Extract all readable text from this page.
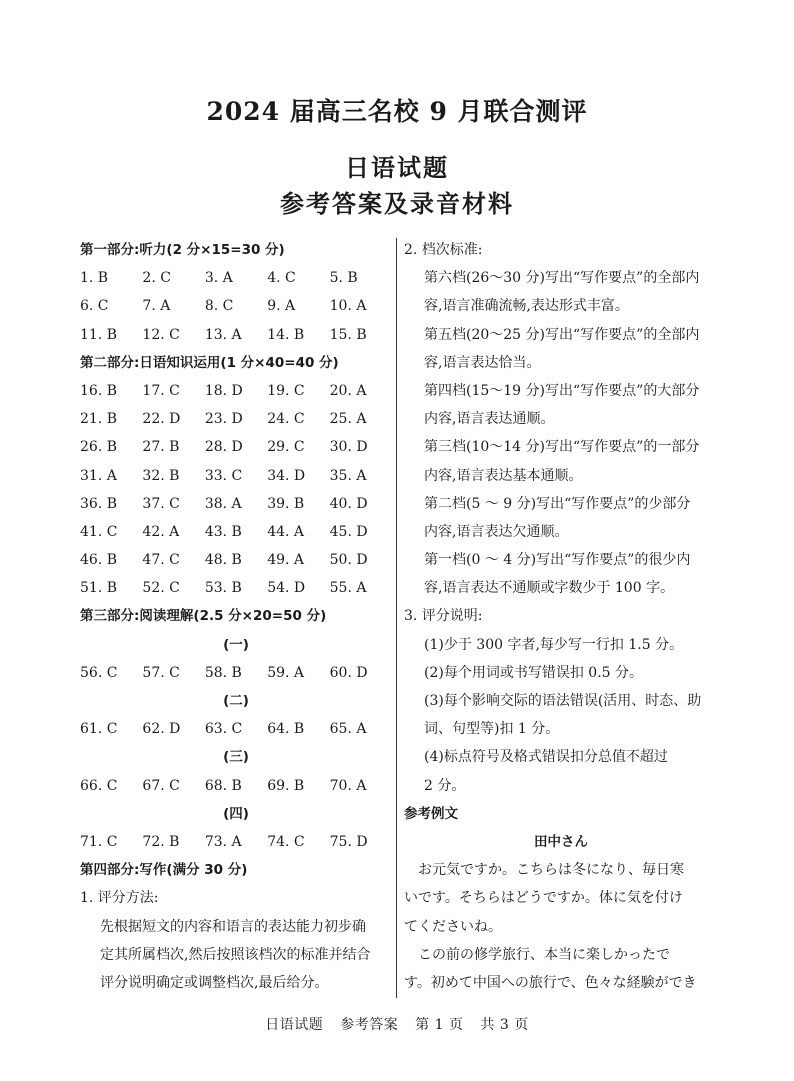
2024 届高三名校 9 月联合测评
日语试题
参考答案及录音材料
第一部分:听力(2 分×15=30 分)
1. B	2. C	3. A	4. C	5. B
6. C	7. A	8. C	9. A	10. A
11. B	12. C	13. A	14. B	15. B
第二部分:日语知识运用(1 分×40=40 分)
16. B	17. C	18. D	19. C	20. A
21. B	22. D	23. D	24. C	25. A
26. B	27. B	28. D	29. C	30. D
31. A	32. B	33. C	34. D	35. A
36. B	37. C	38. A	39. B	40. D
41. C	42. A	43. B	44. A	45. D
46. B	47. C	48. B	49. A	50. D
51. B	52. C	53. B	54. D	55. A
第三部分:阅读理解(2.5 分×20=50 分)
(一)
56. C	57. C	58. B	59. A	60. D
(二)
61. C	62. D	63. C	64. B	65. A
(三)
66. C	67. C	68. B	69. B	70. A
(四)
71. C	72. B	73. A	74. C	75. D
第四部分:写作(满分 30 分)
1. 评分方法:
先根据短文的内容和语言的表达能力初步确
定其所属档次,然后按照该档次的标准并结合
评分说明确定或调整档次,最后给分。
2. 档次标准:
第六档(26～30 分)写出“写作要点”的全部内
容,语言准确流畅,表达形式丰富。
第五档(20～25 分)写出“写作要点”的全部内
容,语言表达恰当。
第四档(15～19 分)写出“写作要点”的大部分
内容,语言表达通顺。
第三档(10～14 分)写出“写作要点”的一部分
内容,语言表达基本通顺。
第二档(5 ～ 9 分)写出“写作要点”的少部分
内容,语言表达欠通顺。
第一档(0 ～ 4 分)写出“写作要点”的很少内
容,语言表达不通顺或字数少于 100 字。
3. 评分说明:
(1)少于 300 字者,每少写一行扣 1.5 分。
(2)每个用词或书写错误扣 0.5 分。
(3)每个影响交际的语法错误(活用、时态、助
词、句型等)扣 1 分。
(4)标点符号及格式错误扣分总值不超过
2 分。
参考例文
田中さん
　お元気ですか。こちらは冬になり、毎日寒
いです。そちらはどうですか。体に気を付け
てくださいね。
　この前の修学旅行、本当に楽しかったで
す。初めて中国への旅行で、色々な経験ができ
日语试题 参考答案 第 1 页 共 3 页
